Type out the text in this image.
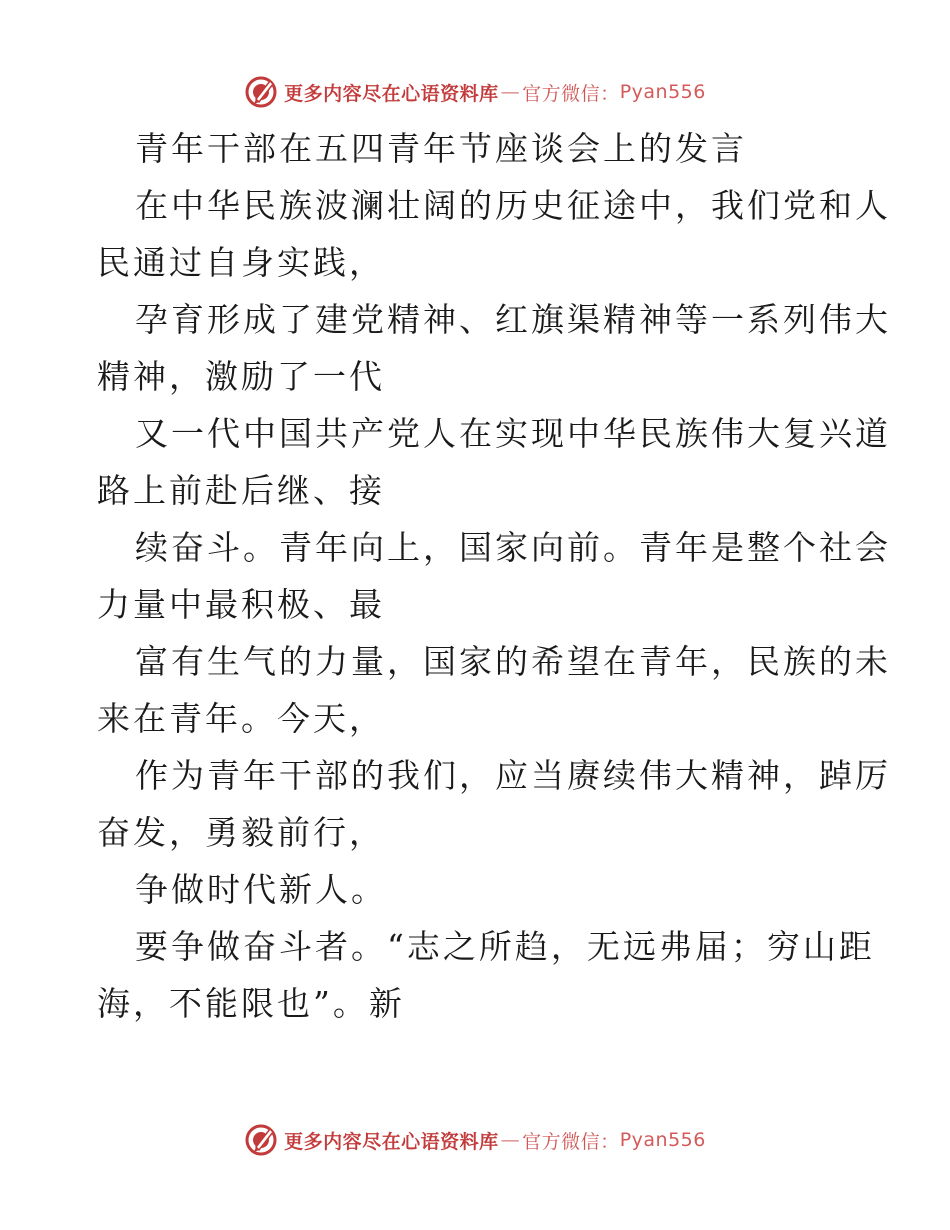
更多内容尽在心语资料库 — 官方微信： Pyan556
青年干部在五四青年节座谈会上的发言
在中华民族波澜壮阔的历史征途中，我们党和人
民通过自身实践，
孕育形成了建党精神、红旗渠精神等一系列伟大
精神，激励了一代
又一代中国共产党人在实现中华民族伟大复兴道
路上前赴后继、接
续奋斗。青年向上，国家向前。青年是整个社会
力量中最积极、最
富有生气的力量，国家的希望在青年，民族的未
来在青年。今天，
作为青年干部的我们，应当赓续伟大精神，踔厉
奋发，勇毅前行，
争做时代新人。
要争做奋斗者。“志之所趋，无远弗届；穷山距
海，不能限也”。新
更多内容尽在心语资料库 — 官方微信： Pyan556
